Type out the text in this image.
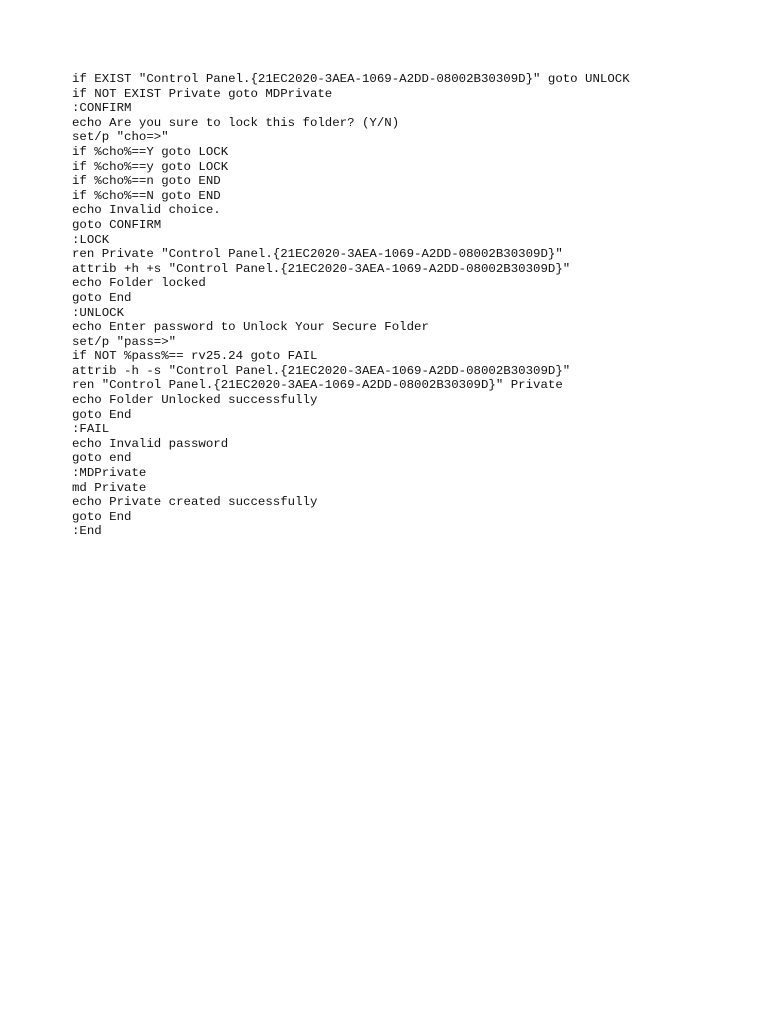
if EXIST "Control Panel.{21EC2020-3AEA-1069-A2DD-08002B30309D}" goto UNLOCK
if NOT EXIST Private goto MDPrivate
:CONFIRM
echo Are you sure to lock this folder? (Y/N)
set/p "cho=>"
if %cho%==Y goto LOCK
if %cho%==y goto LOCK
if %cho%==n goto END
if %cho%==N goto END
echo Invalid choice.
goto CONFIRM
:LOCK
ren Private "Control Panel.{21EC2020-3AEA-1069-A2DD-08002B30309D}"
attrib +h +s "Control Panel.{21EC2020-3AEA-1069-A2DD-08002B30309D}"
echo Folder locked
goto End
:UNLOCK
echo Enter password to Unlock Your Secure Folder
set/p "pass=>"
if NOT %pass%== rv25.24 goto FAIL
attrib -h -s "Control Panel.{21EC2020-3AEA-1069-A2DD-08002B30309D}"
ren "Control Panel.{21EC2020-3AEA-1069-A2DD-08002B30309D}" Private
echo Folder Unlocked successfully
goto End
:FAIL
echo Invalid password
goto end
:MDPrivate
md Private
echo Private created successfully
goto End
:End
